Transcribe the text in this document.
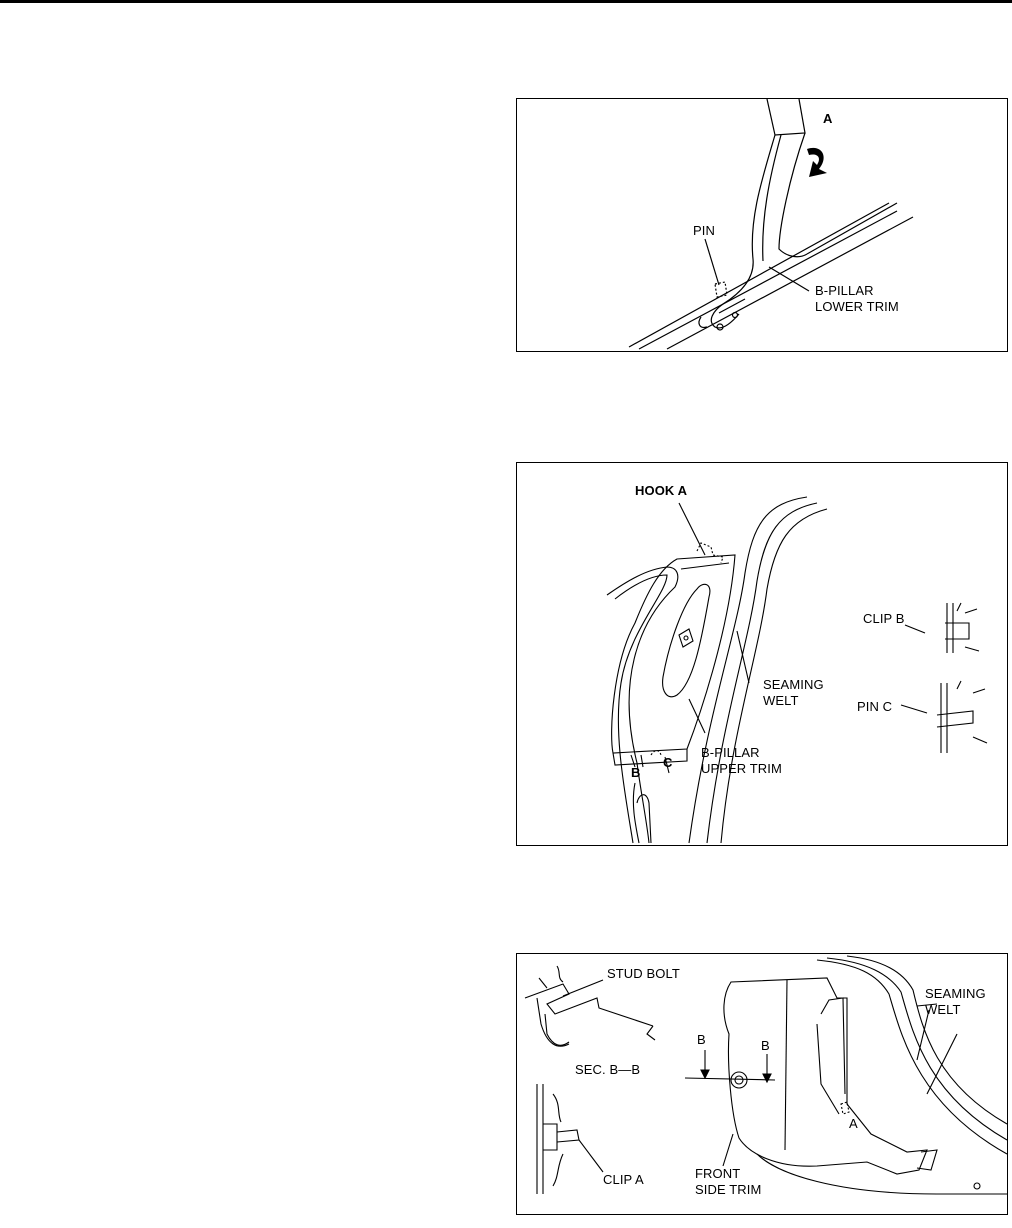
A
PIN
B-PILLAR
LOWER TRIM
HOOK A
CLIP B
SEAMING
WELT	PIN C
B-PILLAR
UPPER TRIM
B
C
STUD BOLT
SEAMING
WELT
B	B
SEC. B—B
A
CLIP A	FRONT
SIDE TRIM
